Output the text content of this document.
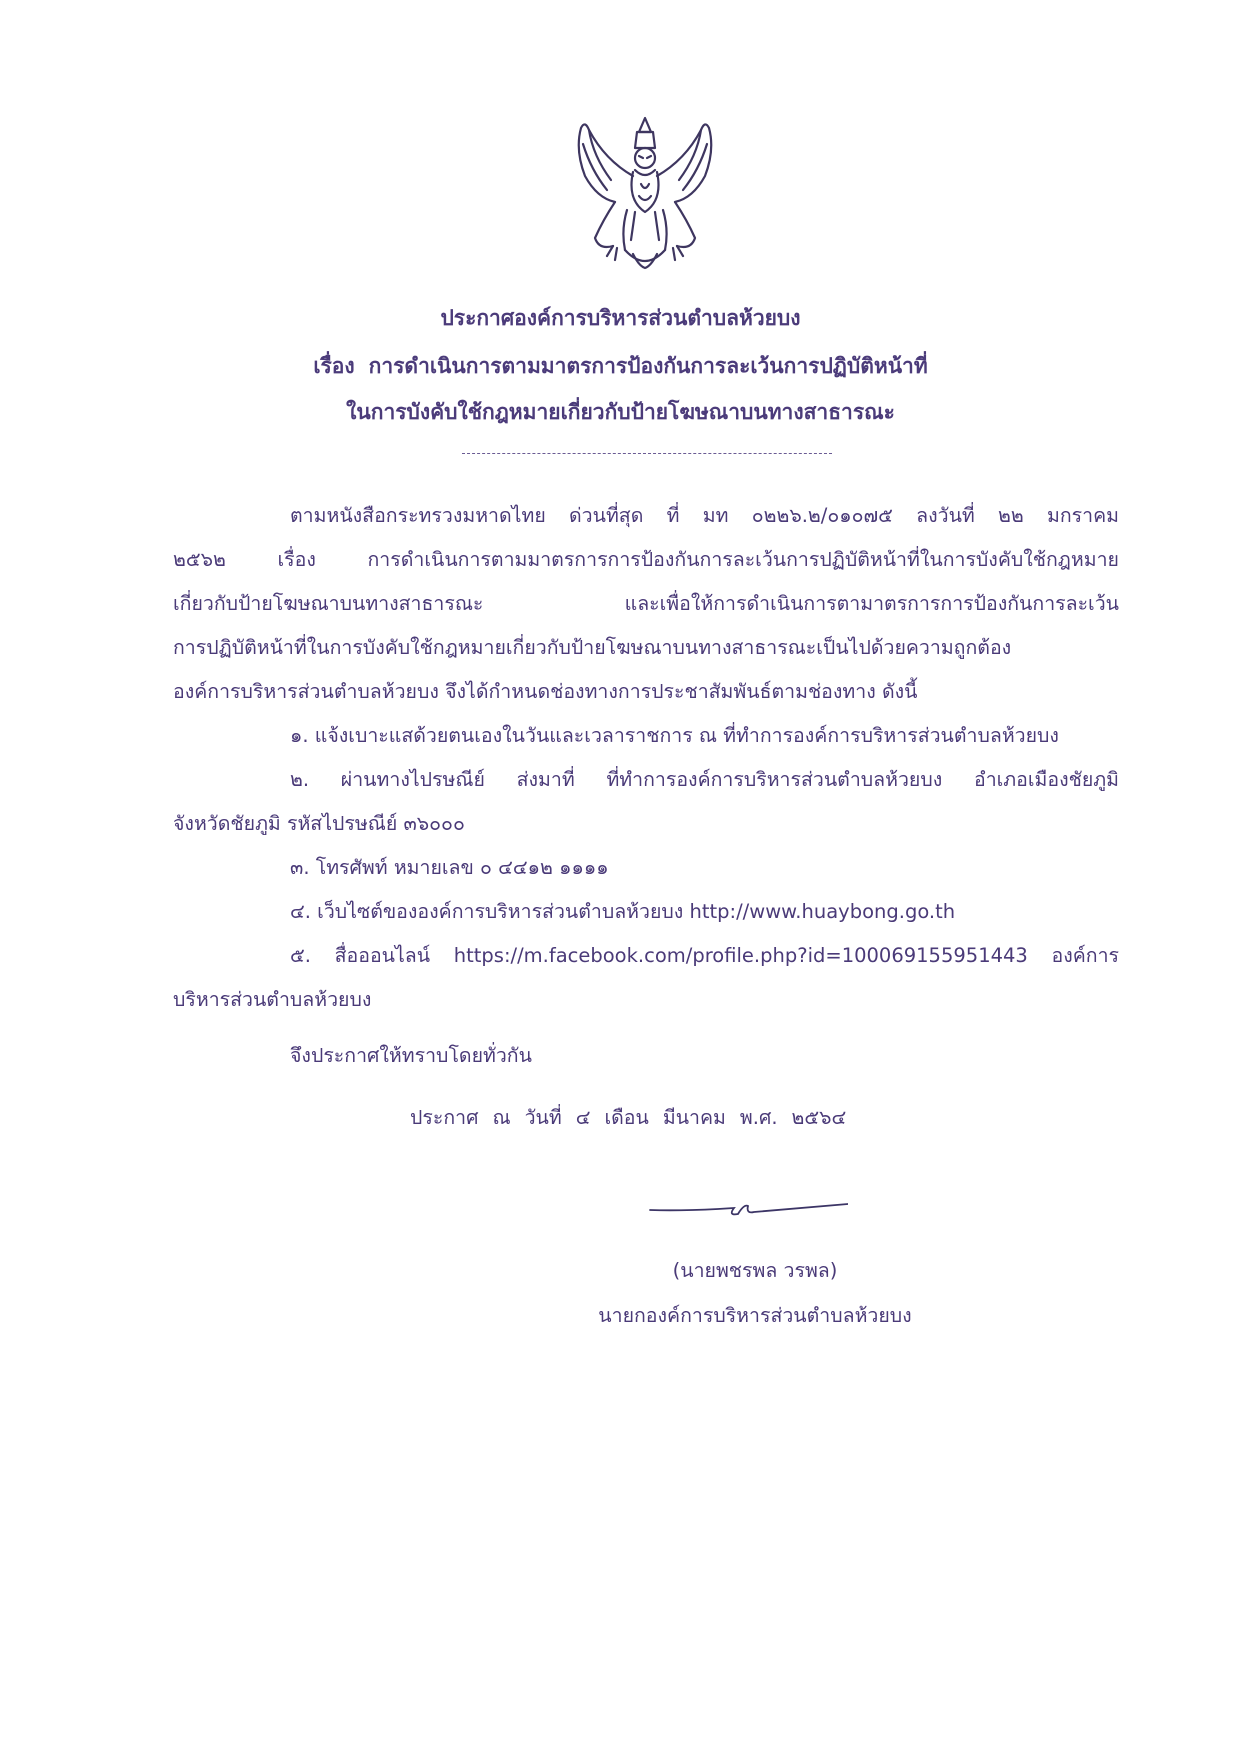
ประกาศองค์การบริหารส่วนตำบลห้วยบง
เรื่อง การดำเนินการตามมาตรการป้องกันการละเว้นการปฏิบัติหน้าที่
ในการบังคับใช้กฎหมายเกี่ยวกับป้ายโฆษณาบนทางสาธารณะ
ตามหนังสือกระทรวงมหาดไทย ด่วนที่สุด ที่ มท ๐๒๒๖.๒/๐๑๐๗๕ ลงวันที่ ๒๒ มกราคม
๒๕๖๒ เรื่อง การดำเนินการตามมาตรการการป้องกันการละเว้นการปฏิบัติหน้าที่ในการบังคับใช้กฎหมาย
เกี่ยวกับป้ายโฆษณาบนทางสาธารณะ และเพื่อให้การดำเนินการตามาตรการการป้องกันการละเว้น
การปฏิบัติหน้าที่ในการบังคับใช้กฎหมายเกี่ยวกับป้ายโฆษณาบนทางสาธารณะเป็นไปด้วยความถูกต้อง
องค์การบริหารส่วนตำบลห้วยบง จึงได้กำหนดช่องทางการประชาสัมพันธ์ตามช่องทาง ดังนี้
๑. แจ้งเบาะแสด้วยตนเองในวันและเวลาราชการ ณ ที่ทำการองค์การบริหารส่วนตำบลห้วยบง
๒. ผ่านทางไปรษณีย์ ส่งมาที่ ที่ทำการองค์การบริหารส่วนตำบลห้วยบง อำเภอเมืองชัยภูมิ
จังหวัดชัยภูมิ รหัสไปรษณีย์ ๓๖๐๐๐
๓. โทรศัพท์ หมายเลข ๐ ๔๔๑๒ ๑๑๑๑
๔. เว็บไซต์ขององค์การบริหารส่วนตำบลห้วยบง http://www.huaybong.go.th
๕. สื่อออนไลน์ https://m.facebook.com/profile.php?id=100069155951443 องค์การ
บริหารส่วนตำบลห้วยบง
จึงประกาศให้ทราบโดยทั่วกัน
ประกาศ ณ วันที่ ๔ เดือน มีนาคม พ.ศ. ๒๕๖๔
(นายพชรพล วรพล)
นายกองค์การบริหารส่วนตำบลห้วยบง
